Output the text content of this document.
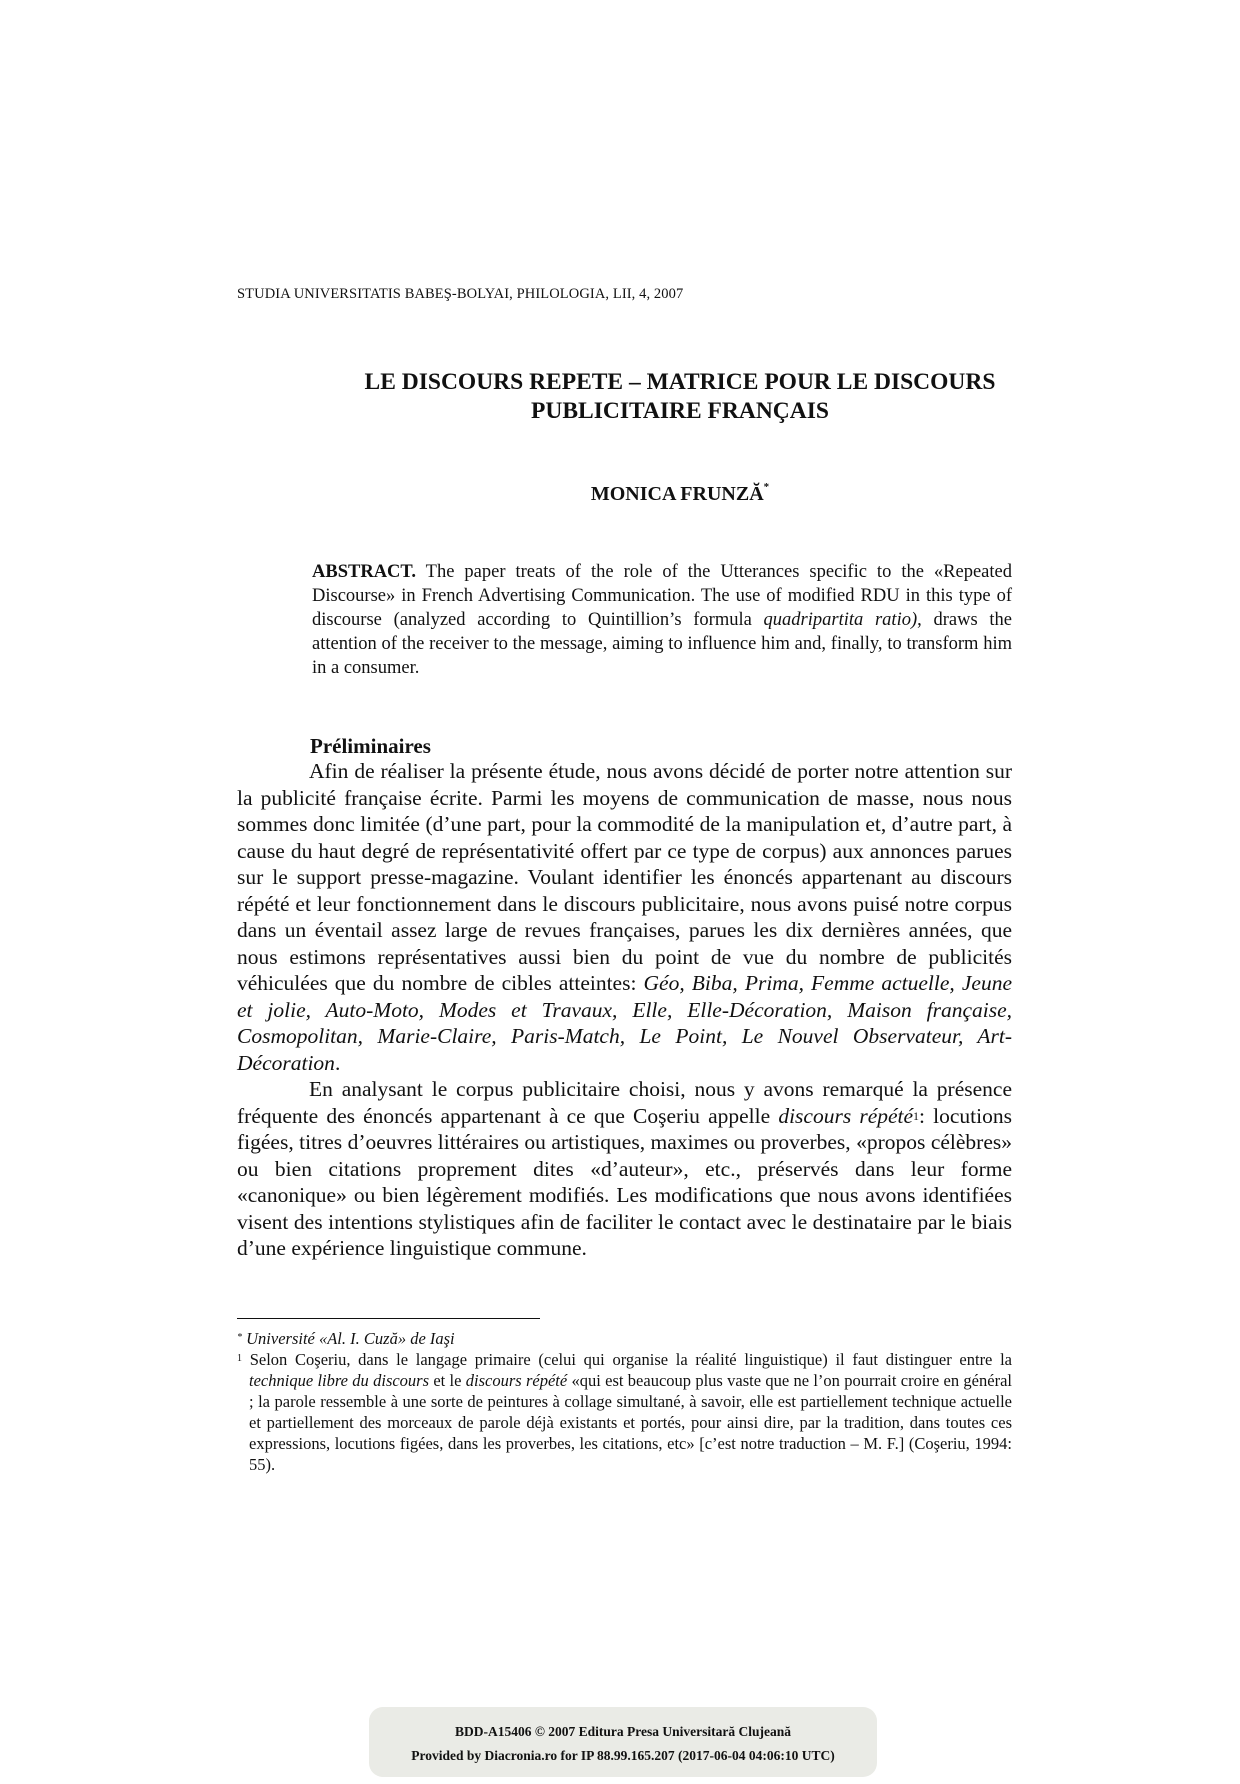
STUDIA UNIVERSITATIS BABEŞ-BOLYAI, PHILOLOGIA, LII, 4, 2007
LE DISCOURS REPETE – MATRICE POUR LE DISCOURS
PUBLICITAIRE FRANÇAIS
MONICA FRUNZĂ*
ABSTRACT. The paper treats of the role of the Utterances specific to the «Repeated Discourse» in French Advertising Communication. The use of modified RDU in this type of discourse (analyzed according to Quintillion’s formula quadripartita ratio), draws the attention of the receiver to the message, aiming to influence him and, finally, to transform him in a consumer.
Préliminaires

Afin de réaliser la présente étude, nous avons décidé de porter notre attention sur la publicité française écrite. Parmi les moyens de communication de masse, nous nous sommes donc limitée (d’une part, pour la commodité de la manipulation et, d’autre part, à cause du haut degré de représentativité offert par ce type de corpus) aux annonces parues sur le support presse-magazine. Voulant identifier les énoncés appartenant au discours répété et leur fonctionnement dans le discours publicitaire, nous avons puisé notre corpus dans un éventail assez large de revues françaises, parues les dix dernières années, que nous estimons représentatives aussi bien du point de vue du nombre de publicités véhiculées que du nombre de cibles atteintes: Géo, Biba, Prima, Femme actuelle, Jeune et jolie, Auto-Moto, Modes et Travaux, Elle, Elle-Décoration, Maison française, Cosmopolitan, Marie-Claire, Paris-Match, Le Point, Le Nouvel Observateur, Art-Décoration.

En analysant le corpus publicitaire choisi, nous y avons remarqué la présence fréquente des énoncés appartenant à ce que Coşeriu appelle discours répété$^1$: locutions figées, titres d’oeuvres littéraires ou artistiques, maximes ou proverbes, «propos célèbres» ou bien citations proprement dites «d’auteur», etc., préservés dans leur forme «canonique» ou bien légèrement modifiés. Les modifications que nous avons identifiées visent des intentions stylistiques afin de faciliter le contact avec le destinataire par le biais d’une expérience linguistique commune.

* Université «Al. I. Cuză» de Iaşi

$^1$ Selon Coşeriu, dans le langage primaire (celui qui organise la réalité linguistique) il faut distinguer entre la technique libre du discours et le discours répété «qui est beaucoup plus vaste que ne l’on pourrait croire en général ; la parole ressemble à une sorte de peintures à collage simultané, à savoir, elle est partiellement technique actuelle et partiellement des morceaux de parole déjà existants et portés, pour ainsi dire, par la tradition, dans toutes ces expressions, locutions figées, dans les proverbes, les citations, etc» [c’est notre traduction – M. F.] (Coşeriu, 1994: 55).

BDD-A15406 © 2007 Editura Presa Universitară Clujeană
Provided by Diacronia.ro for IP 88.99.165.207 (2017-06-04 04:06:10 UTC)
